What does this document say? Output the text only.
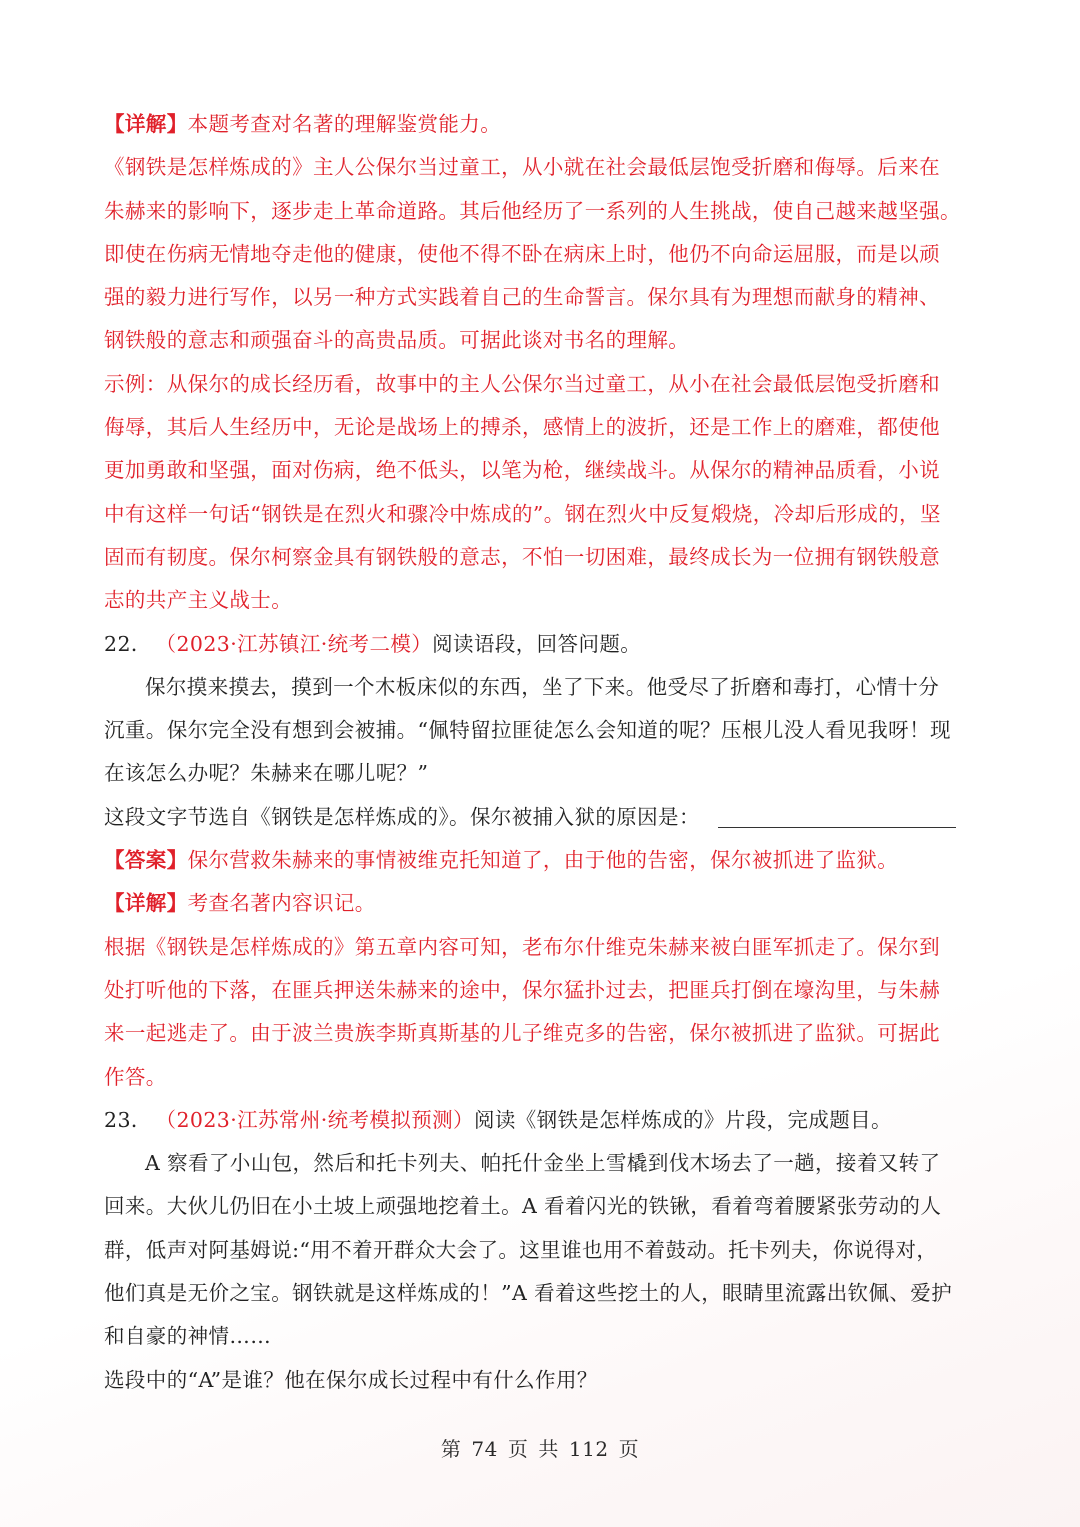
【详解】本题考查对名著的理解鉴赏能力。
《钢铁是怎样炼成的》主人公保尔当过童工，从小就在社会最低层饱受折磨和侮辱。后来在
朱赫来的影响下，逐步走上革命道路。其后他经历了一系列的人生挑战，使自己越来越坚强。
即使在伤病无情地夺走他的健康，使他不得不卧在病床上时，他仍不向命运屈服，而是以顽
强的毅力进行写作，以另一种方式实践着自己的生命誓言。保尔具有为理想而献身的精神、
钢铁般的意志和顽强奋斗的高贵品质。可据此谈对书名的理解。
示例：从保尔的成长经历看，故事中的主人公保尔当过童工，从小在社会最低层饱受折磨和
侮辱，其后人生经历中，无论是战场上的搏杀，感情上的波折，还是工作上的磨难，都使他
更加勇敢和坚强，面对伤病，绝不低头，以笔为枪，继续战斗。从保尔的精神品质看，小说
中有这样一句话“钢铁是在烈火和骤冷中炼成的”。钢在烈火中反复煅烧，冷却后形成的，坚
固而有韧度。保尔柯察金具有钢铁般的意志，不怕一切困难，最终成长为一位拥有钢铁般意
志的共产主义战士。
22． （2023·江苏镇江·统考二模）阅读语段，回答问题。
保尔摸来摸去，摸到一个木板床似的东西，坐了下来。他受尽了折磨和毒打，心情十分
沉重。保尔完全没有想到会被捕。“佩特留拉匪徒怎么会知道的呢？压根儿没人看见我呀！现
在该怎么办呢？朱赫来在哪儿呢？”
这段文字节选自《钢铁是怎样炼成的》。保尔被捕入狱的原因是：
【答案】保尔营救朱赫来的事情被维克托知道了，由于他的告密，保尔被抓进了监狱。
【详解】考查名著内容识记。
根据《钢铁是怎样炼成的》第五章内容可知，老布尔什维克朱赫来被白匪军抓走了。保尔到
处打听他的下落，在匪兵押送朱赫来的途中，保尔猛扑过去，把匪兵打倒在壕沟里，与朱赫
来一起逃走了。由于波兰贵族李斯真斯基的儿子维克多的告密，保尔被抓进了监狱。可据此
作答。
23． （2023·江苏常州·统考模拟预测）阅读《钢铁是怎样炼成的》片段，完成题目。
A 察看了小山包，然后和托卡列夫、帕托什金坐上雪橇到伐木场去了一趟，接着又转了
回来。大伙儿仍旧在小土坡上顽强地挖着土。A 看着闪光的铁锹，看着弯着腰紧张劳动的人
群，低声对阿基姆说:“用不着开群众大会了。这里谁也用不着鼓动。托卡列夫，你说得对，
他们真是无价之宝。钢铁就是这样炼成的！”A 看着这些挖土的人，眼睛里流露出钦佩、爱护
和自豪的神情……
选段中的“A”是谁？他在保尔成长过程中有什么作用？
第 74 页 共 112 页
